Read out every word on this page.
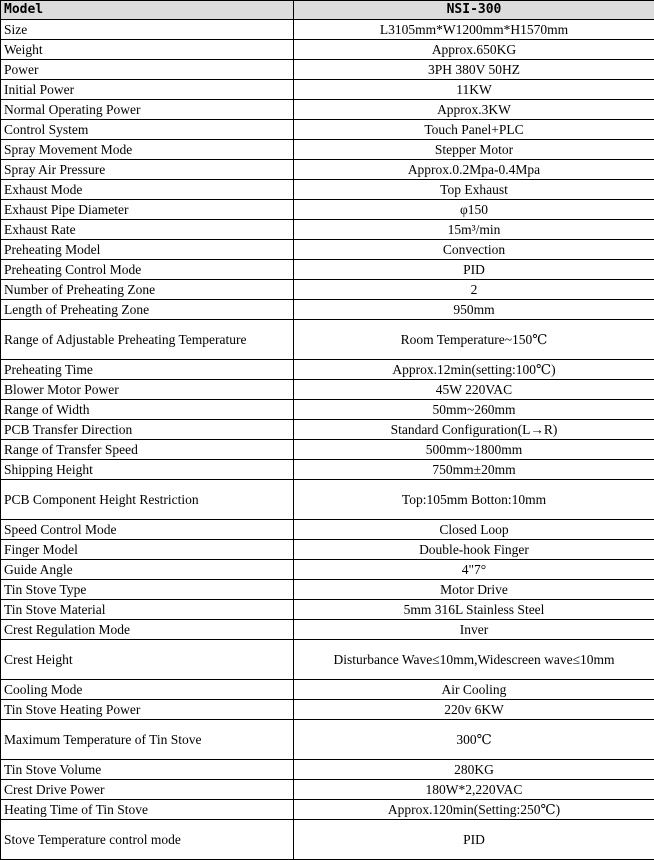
Model	NSI-300
Size	L3105mm*W1200mm*H1570mm
Weight	Approx.650KG
Power	3PH 380V 50HZ
Initial Power	11KW
Normal Operating Power	Approx.3KW
Control System	Touch Panel+PLC
Spray Movement Mode	Stepper Motor
Spray Air Pressure	Approx.0.2Mpa-0.4Mpa
Exhaust Mode	Top Exhaust
Exhaust Pipe Diameter	φ150
Exhaust Rate	15m³/min
Preheating Model	Convection
Preheating Control Mode	PID
Number of Preheating Zone	2
Length of Preheating Zone	950mm
Range of Adjustable Preheating Temperature	Room Temperature~150℃
Preheating Time	Approx.12min(setting:100℃)
Blower Motor Power	45W 220VAC
Range of Width	50mm~260mm
PCB Transfer Direction	Standard Configuration(L→R)
Range of Transfer Speed	500mm~1800mm
Shipping Height	750mm±20mm
PCB Component Height Restriction	Top:105mm Botton:10mm
Speed Control Mode	Closed Loop
Finger Model	Double-hook Finger
Guide Angle	4"7°
Tin Stove Type	Motor Drive
Tin Stove Material	5mm 316L Stainless Steel
Crest Regulation Mode	Inver
Crest Height	Disturbance Wave≤10mm,Widescreen wave≤10mm
Cooling Mode	Air Cooling
Tin Stove Heating Power	220v 6KW
Maximum Temperature of Tin Stove	300℃
Tin Stove Volume	280KG
Crest Drive Power	180W*2,220VAC
Heating Time of Tin Stove	Approx.120min(Setting:250℃)
Stove Temperature control mode	PID
